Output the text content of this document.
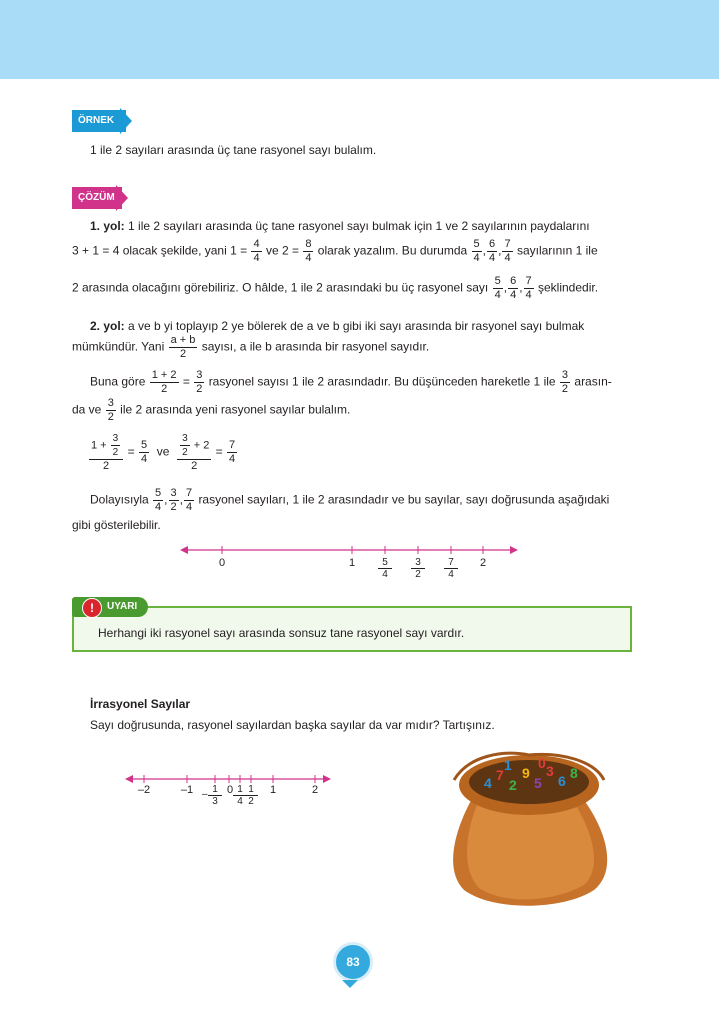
ÖRNEK
1 ile 2 sayıları arasında üç tane rasyonel sayı bulalım.
ÇÖZÜM
1. yol: 1 ile 2 sayıları arasında üç tane rasyonel sayı bulmak için 1 ve 2 sayılarının paydalarını
3 + 1 = 4 olacak şekilde, yani $1 = \frac{4}{4}$ ve $2 = \frac{8}{4}$ olarak yazalım. Bu durumda $\frac{5}{4}$ , $\frac{6}{4}$ , $\frac{7}{4}$ sayılarının 1 ile
2 arasında olacağını görebiliriz. O hâlde, 1 ile 2 arasındaki bu üç rasyonel sayı $\frac{5}{4}$ , $\frac{6}{4}$ , $\frac{7}{4}$ şeklindedir.
2. yol: a ve b yi toplayıp 2 ye bölerek de a ve b gibi iki sayı arasında bir rasyonel sayı bulmak
mümkündür. Yani $\frac{a + b}{2}$ sayısı, a ile b arasında bir rasyonel sayıdır.
Buna göre $\frac{1 + 2}{2} = \frac{3}{2}$ rasyonel sayısı 1 ile 2 arasındadır. Bu düşünceden hareketle 1 ile $\frac{3}{2}$ arasın-
da ve $\frac{3}{2}$ ile 2 arasında yeni rasyonel sayılar bulalım.
$\frac{1 + \frac{3}{2}}{2} = \frac{5}{4}$ ve $\frac{\frac{3}{2} + 2}{2} = \frac{7}{4}$
Dolayısıyla $\frac{5}{4}$ , $\frac{3}{2}$ , $\frac{7}{4}$ rasyonel sayıları, 1 ile 2 arasındadır ve bu sayılar, sayı doğrusunda aşağıdaki
gibi gösterilebilir.
0	1	2
$\frac{5}{4} \frac{3}{2} \frac{7}{4}$
UYARI
!
Herhangi iki rasyonel sayı arasında sonsuz tane rasyonel sayı vardır.
İrrasyonel Sayılar
Sayı doğrusunda, rasyonel sayılardan başka sayılar da var mıdır? Tartışınız.
–2	$-1 - \frac{1}{3} 0 \frac{1}{4}$
$\frac{1}{2}$	1	2	4 7
2
9
5
3
6 8
1 0
83
